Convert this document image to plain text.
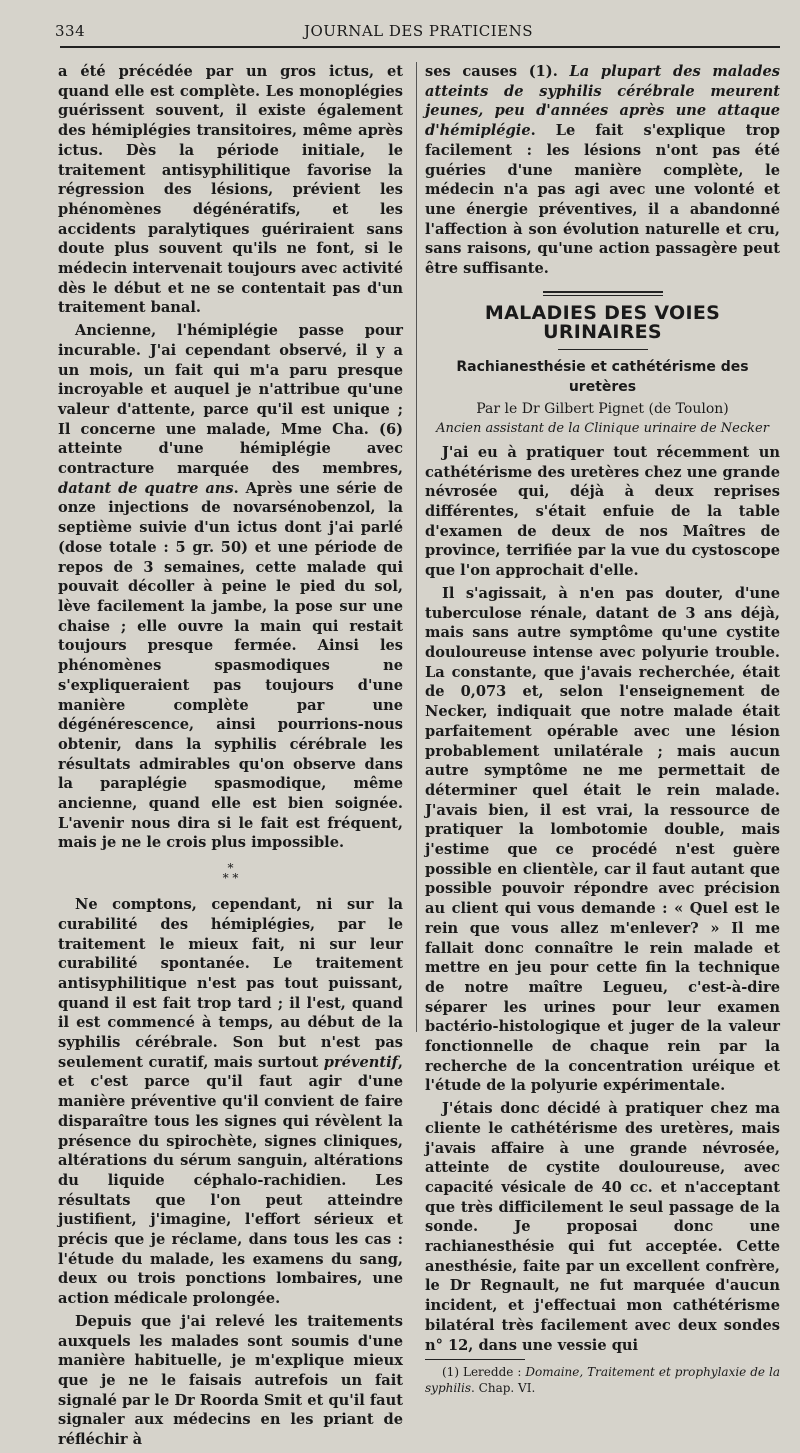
334	JOURNAL DES PRATICIENS

a été précédée par un gros ictus, et quand elle est complète. Les monoplégies guérissent souvent, il existe également des hémiplégies transitoires, même après ictus. Dès la période initiale, le traitement antisyphilitique favorise la régression des lésions, prévient les phénomènes dégénératifs, et les accidents paralytiques guériraient sans doute plus souvent qu'ils ne font, si le médecin intervenait toujours avec activité dès le début et ne se contentait pas d'un traitement banal.

Ancienne, l'hémiplégie passe pour incurable. J'ai cependant observé, il y a un mois, un fait qui m'a paru presque incroyable et auquel je n'attribue qu'une valeur d'attente, parce qu'il est unique ; Il concerne une malade, Mme Cha. (6) atteinte d'une hémiplégie avec contracture marquée des membres, datant de quatre ans. Après une série de onze injections de novarsénobenzol, la septième suivie d'un ictus dont j'ai parlé (dose totale : 5 gr. 50) et une période de repos de 3 semaines, cette malade qui pouvait décoller à peine le pied du sol, lève facilement la jambe, la pose sur une chaise ; elle ouvre la main qui restait toujours presque fermée. Ainsi les phénomènes spasmodiques ne s'expliqueraient pas toujours d'une manière complète par une dégénérescence, ainsi pourrions-nous obtenir, dans la syphilis cérébrale les résultats admirables qu'on observe dans la paraplégie spasmodique, même ancienne, quand elle est bien soignée. L'avenir nous dira si le fait est fréquent, mais je ne le crois plus impossible.

*
* *

Ne comptons, cependant, ni sur la curabilité des hémiplégies, par le traitement le mieux fait, ni sur leur curabilité spontanée. Le traitement antisyphilitique n'est pas tout puissant, quand il est fait trop tard ; il l'est, quand il est commencé à temps, au début de la syphilis cérébrale. Son but n'est pas seulement curatif, mais surtout préventif, et c'est parce qu'il faut agir d'une manière préventive qu'il convient de faire disparaître tous les signes qui révèlent la présence du spirochète, signes cliniques, altérations du sérum sanguin, altérations du liquide céphalo-rachidien. Les résultats que l'on peut atteindre justifient, j'imagine, l'effort sérieux et précis que je réclame, dans tous les cas : l'étude du malade, les examens du sang, deux ou trois ponctions lombaires, une action médicale prolongée.

Depuis que j'ai relevé les traitements auxquels les malades sont soumis d'une manière habituelle, je m'explique mieux que je ne le faisais autrefois un fait signalé par le Dr Roorda Smit et qu'il faut signaler aux médecins en les priant de réfléchir à

ses causes (1). La plupart des malades atteints de syphilis cérébrale meurent jeunes, peu d'années après une attaque d'hémiplégie. Le fait s'explique trop facilement : les lésions n'ont pas été guéries d'une manière complète, le médecin n'a pas agi avec une volonté et une énergie préventives, il a abandonné l'affection à son évolution naturelle et cru, sans raisons, qu'une action passagère peut être suffisante.

MALADIES DES VOIES URINAIRES
Rachianesthésie et cathétérisme des uretères
Par le Dr Gilbert Pignet (de Toulon)
Ancien assistant de la Clinique urinaire de Necker

J'ai eu à pratiquer tout récemment un cathétérisme des uretères chez une grande névrosée qui, déjà à deux reprises différentes, s'était enfuie de la table d'examen de deux de nos Maîtres de province, terrifiée par la vue du cystoscope que l'on approchait d'elle.

Il s'agissait, à n'en pas douter, d'une tuberculose rénale, datant de 3 ans déjà, mais sans autre symptôme qu'une cystite douloureuse intense avec polyurie trouble. La constante, que j'avais recherchée, était de 0,073 et, selon l'enseignement de Necker, indiquait que notre malade était parfaitement opérable avec une lésion probablement unilatérale ; mais aucun autre symptôme ne me permettait de déterminer quel était le rein malade. J'avais bien, il est vrai, la ressource de pratiquer la lombotomie double, mais j'estime que ce procédé n'est guère possible en clientèle, car il faut autant que possible pouvoir répondre avec précision au client qui vous demande : « Quel est le rein que vous allez m'enlever? » Il me fallait donc connaître le rein malade et mettre en jeu pour cette fin la technique de notre maître Legueu, c'est-à-dire séparer les urines pour leur examen bactério-histologique et juger de la valeur fonctionnelle de chaque rein par la recherche de la concentration uréique et l'étude de la polyurie expérimentale.

J'étais donc décidé à pratiquer chez ma cliente le cathétérisme des uretères, mais j'avais affaire à une grande névrosée, atteinte de cystite douloureuse, avec capacité vésicale de 40 cc. et n'acceptant que très difficilement le seul passage de la sonde. Je proposai donc une rachianesthésie qui fut acceptée. Cette anesthésie, faite par un excellent confrère, le Dr Regnault, ne fut marquée d'aucun incident, et j'effectuai mon cathétérisme bilatéral très facilement avec deux sondes n° 12, dans une vessie qui

(1) Leredde : Domaine, Traitement et prophylaxie de la syphilis. Chap. VI.
